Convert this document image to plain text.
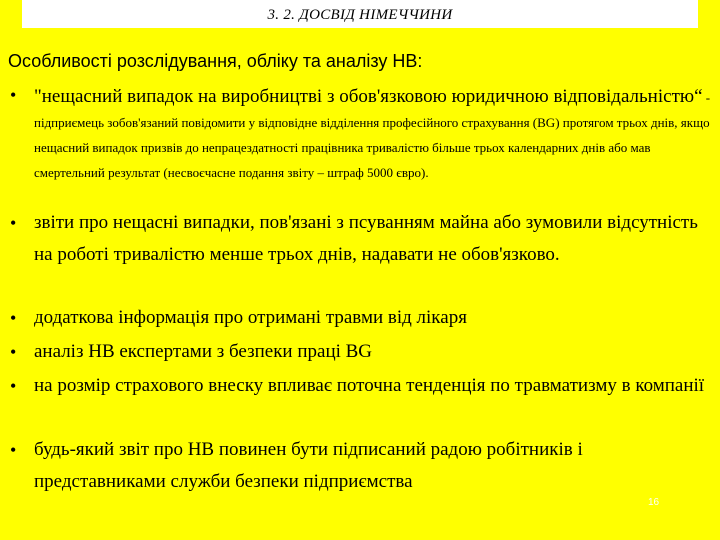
3. 2. ДОСВІД НІМЕЧЧИНИ
Особливості розслідування, обліку та аналізу НВ:
• "нещасний випадок на виробництві з обов'язковою юридичною відповідальністю“ - підприємець зобов'язаний повідомити у відповідне відділення професійного страхування (BG) протягом трьох днів, якщо нещасний випадок призвів до непрацездатності працівника тривалістю більше трьох календарних днів або мав смертельний результат (несвоєчасне подання звіту – штраф 5000 євро).
• звіти про нещасні випадки, пов'язані з псуванням майна або зумовили відсутність на роботі тривалістю менше трьох днів, надавати не обов'язково.
• додаткова інформація про отримані травми від лікаря
• аналіз НВ експертами з безпеки праці BG
• на розмір страхового внеску впливає поточна тенденція по травматизму в компанії
• будь-який звіт про НВ повинен бути підписаний радою робітників і представниками служби безпеки підприємства
16
